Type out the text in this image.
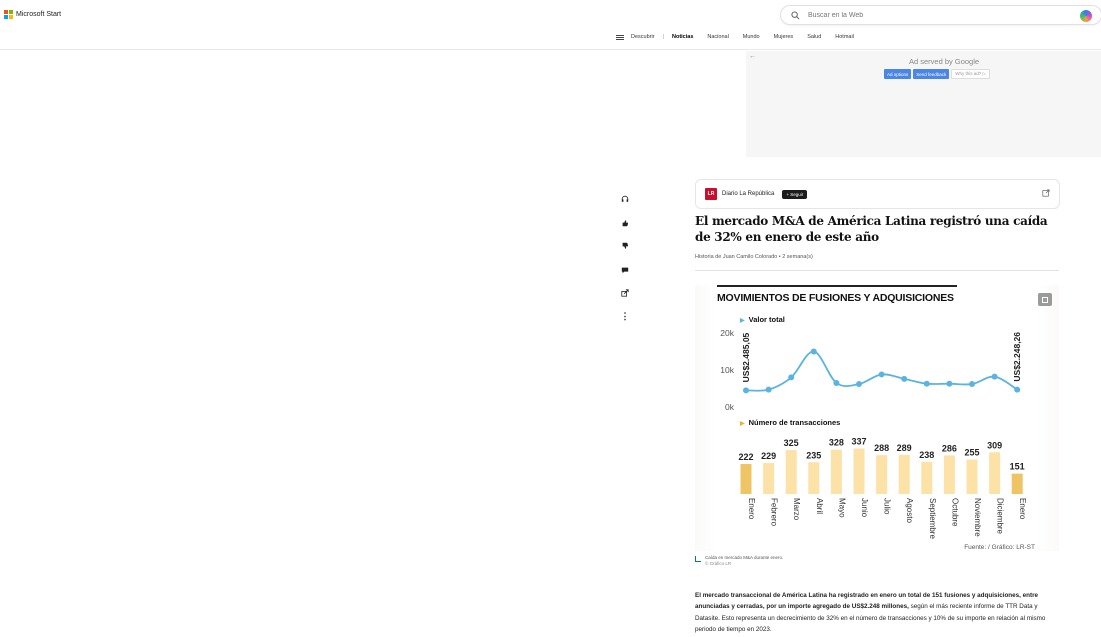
Microsoft Start
Buscar en la Web
Descubrir | Noticias	Nacional	Mundo	Mujeres	Salud	Hotmail
←
Ad served by Google
Ad options	Send feedback	Why this ad? ▷
⋮
LR	Diario La República	+ Seguir
El mercado M&A de América Latina registró una caída de 32% en enero de este año
Historia de Juan Camilo Colorado • 2 semana(s)
MOVIMIENTOS DE FUSIONES Y ADQUISICIONES
▶ Valor total
▶ Número de transacciones
0k
10k
20k US$2.485,05	US$2.248,26
222 229
325
235
328 337
288 289
238
286 255
309
151
Enero Febrero Marzo Abril Mayo Junio Julio Agosto Septiembre Octubre Noviembre Diciembre Enero
Fuente: / Gráfico: LR-ST
Caída en mercado M&A durante enero.
© Gráfico LR

El mercado transaccional de América Latina ha registrado en enero un total de 151 fusiones y adquisiciones, entre anunciadas y cerradas, por un importe agregado de US$2.248 millones, según el más reciente informe de TTR Data y Datasite. Esto representa un decrecimiento de 32% en el número de transacciones y 10% de su importe en relación al mismo periodo de tiempo en 2023.
